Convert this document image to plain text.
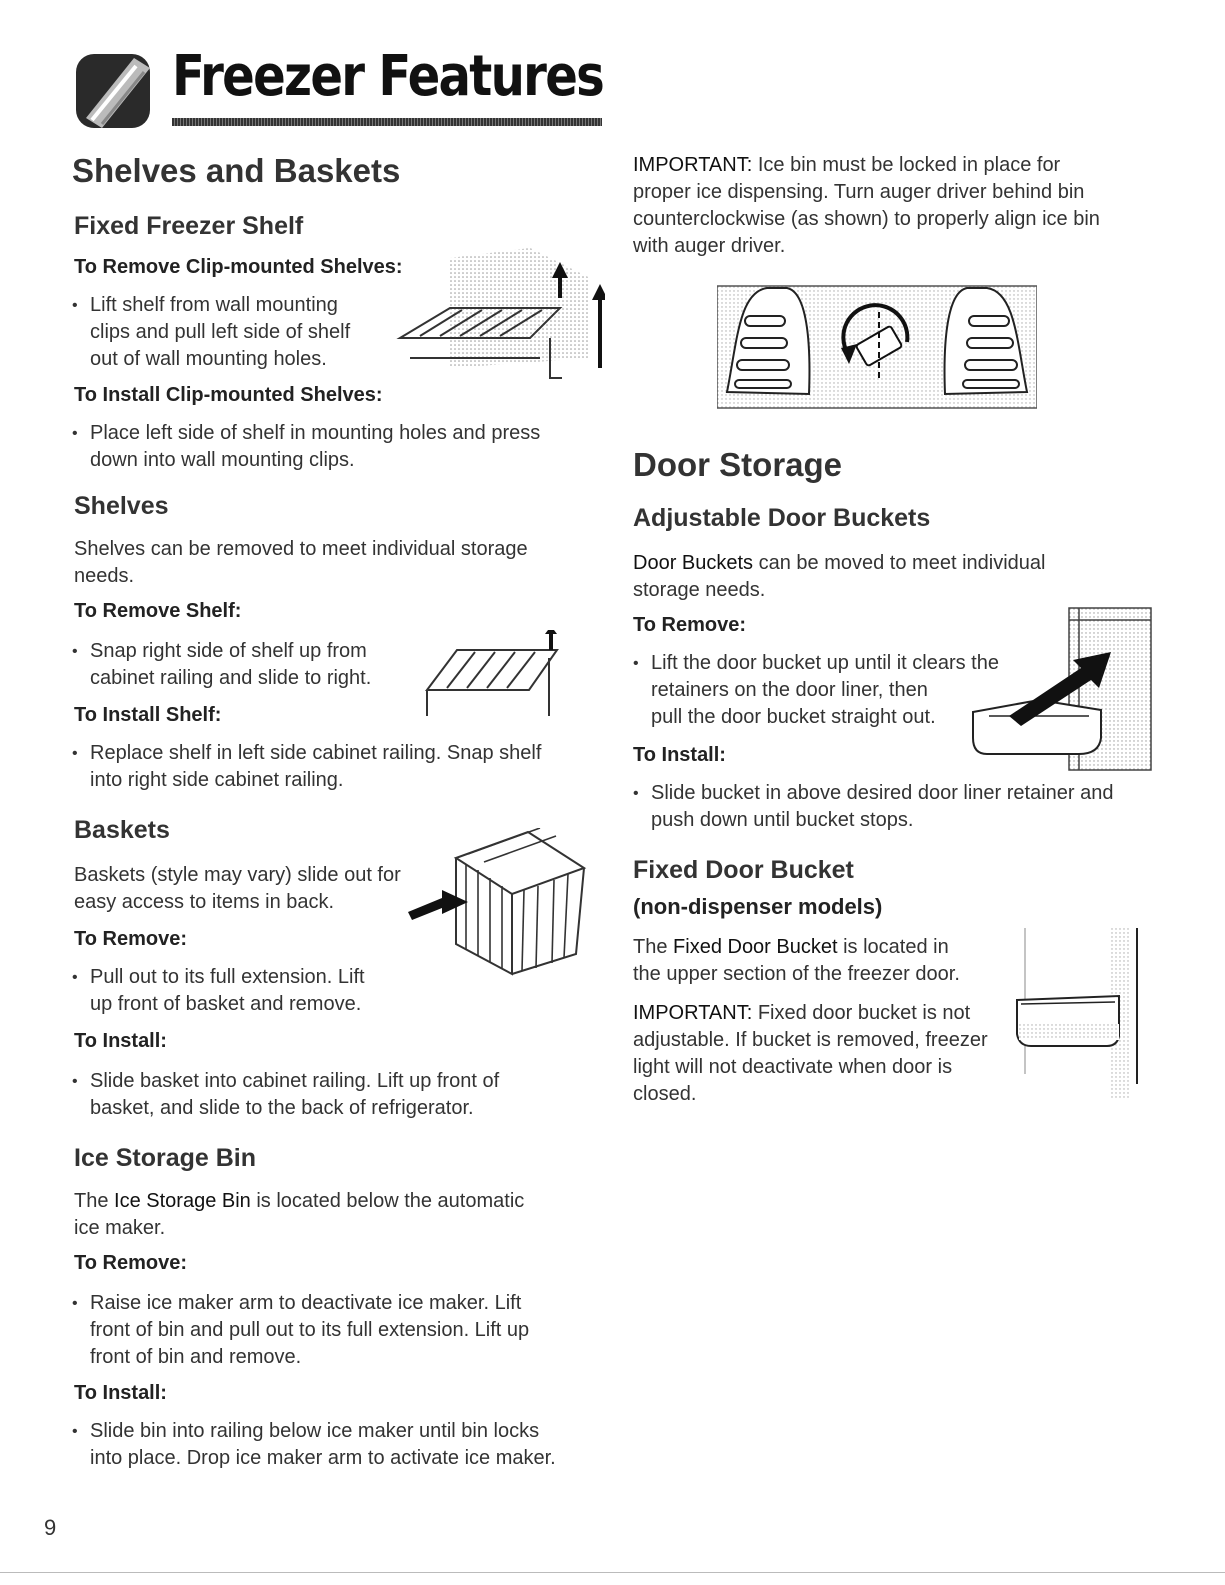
Freezer Features
Shelves and Baskets
Fixed Freezer Shelf
To Remove Clip-mounted Shelves:
• Lift shelf from wall mounting
clips and pull left side of shelf
out of wall mounting holes.
To Install Clip-mounted Shelves:
• Place left side of shelf in mounting holes and press
down into wall mounting clips.
Shelves
Shelves can be removed to meet individual storage
needs.
To Remove Shelf:
• Snap right side of shelf up from
cabinet railing and slide to right.
To Install Shelf:
• Replace shelf in left side cabinet railing. Snap shelf
into right side cabinet railing.
Baskets
Baskets (style may vary) slide out for
easy access to items in back.
To Remove:
• Pull out to its full extension. Lift
up front of basket and remove.
To Install:
• Slide basket into cabinet railing. Lift up front of
basket, and slide to the back of refrigerator.
Ice Storage Bin
The Ice Storage Bin is located below the automatic
ice maker.
To Remove:
• Raise ice maker arm to deactivate ice maker. Lift
front of bin and pull out to its full extension. Lift up
front of bin and remove.
To Install:
• Slide bin into railing below ice maker until bin locks
into place. Drop ice maker arm to activate ice maker.
IMPORTANT: Ice bin must be locked in place for
proper ice dispensing. Turn auger driver behind bin
counterclockwise (as shown) to properly align ice bin
with auger driver.
Door Storage
Adjustable Door Buckets
Door Buckets can be moved to meet individual
storage needs.
To Remove:
• Lift the door bucket up until it clears the
retainers on the door liner, then
pull the door bucket straight out.
To Install:
• Slide bucket in above desired door liner retainer and
push down until bucket stops.
Fixed Door Bucket
(non-dispenser models)
The Fixed Door Bucket is located in
the upper section of the freezer door.
IMPORTANT: Fixed door bucket is not
adjustable. If bucket is removed, freezer
light will not deactivate when door is
closed.
9
